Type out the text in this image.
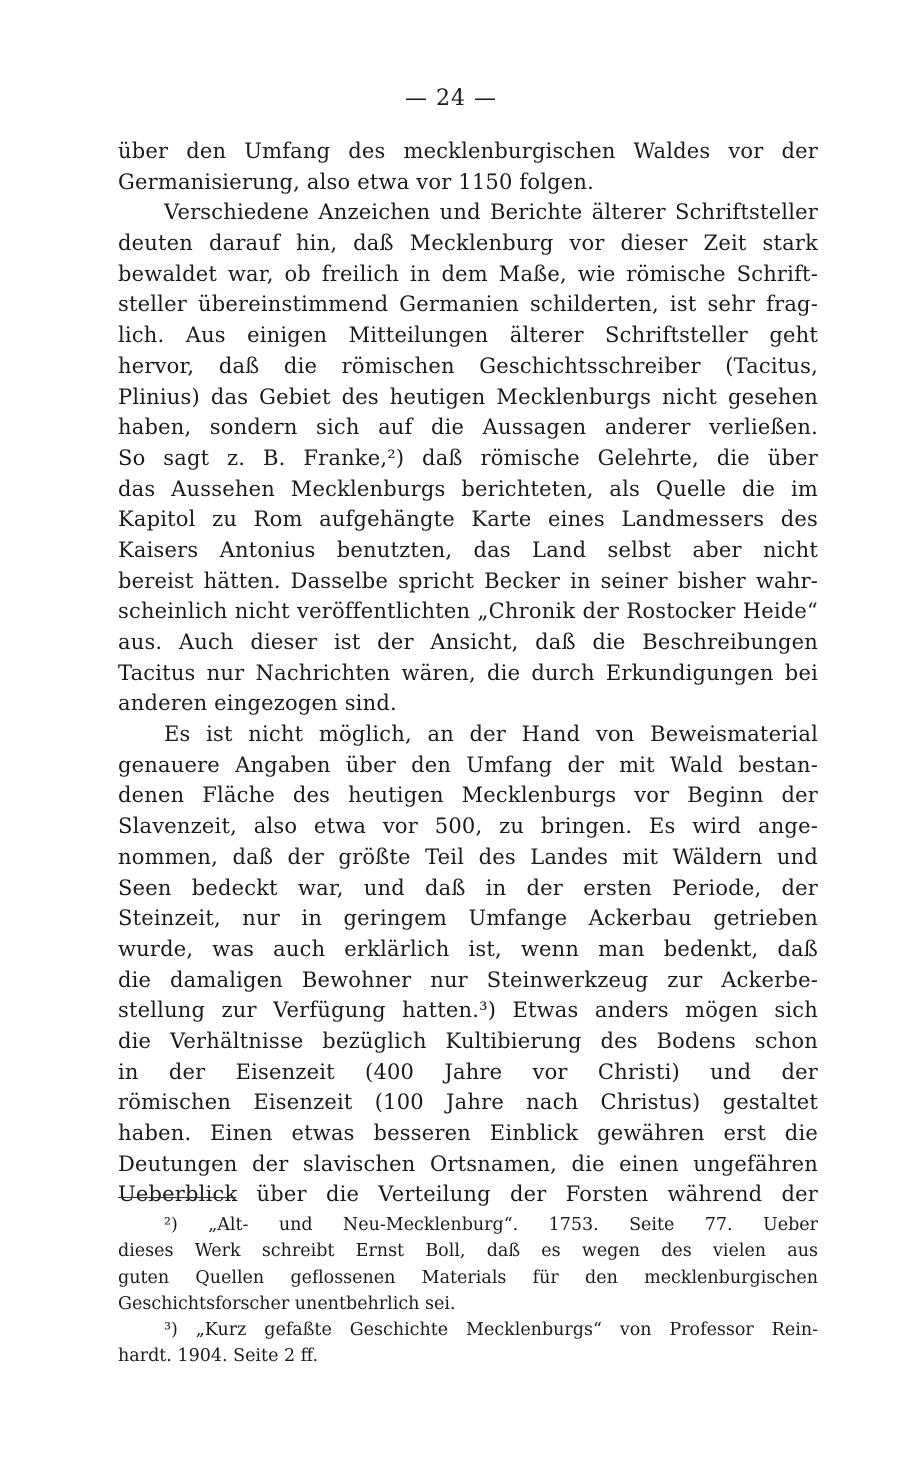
— 24 —
über den Umfang des mecklenburgischen Waldes vor der
Germanisierung, also etwa vor 1150 folgen.
Verschiedene Anzeichen und Berichte älterer Schriftsteller
deuten darauf hin, daß Mecklenburg vor dieser Zeit stark
bewaldet war, ob freilich in dem Maße, wie römische Schrift-
steller übereinstimmend Germanien schilderten, ist sehr frag-
lich. Aus einigen Mitteilungen älterer Schriftsteller geht
hervor, daß die römischen Geschichtsschreiber (Tacitus,
Plinius) das Gebiet des heutigen Mecklenburgs nicht gesehen
haben, sondern sich auf die Aussagen anderer verließen.
So sagt z. B. Franke,²) daß römische Gelehrte, die über
das Aussehen Mecklenburgs berichteten, als Quelle die im
Kapitol zu Rom aufgehängte Karte eines Landmessers des
Kaisers Antonius benutzten, das Land selbst aber nicht
bereist hätten. Dasselbe spricht Becker in seiner bisher wahr-
scheinlich nicht veröffentlichten „Chronik der Rostocker Heide“
aus. Auch dieser ist der Ansicht, daß die Beschreibungen
Tacitus nur Nachrichten wären, die durch Erkundigungen bei
anderen eingezogen sind.
Es ist nicht möglich, an der Hand von Beweismaterial
genauere Angaben über den Umfang der mit Wald bestan-
denen Fläche des heutigen Mecklenburgs vor Beginn der
Slavenzeit, also etwa vor 500, zu bringen. Es wird ange-
nommen, daß der größte Teil des Landes mit Wäldern und
Seen bedeckt war, und daß in der ersten Periode, der
Steinzeit, nur in geringem Umfange Ackerbau getrieben
wurde, was auch erklärlich ist, wenn man bedenkt, daß
die damaligen Bewohner nur Steinwerkzeug zur Ackerbe-
stellung zur Verfügung hatten.³) Etwas anders mögen sich
die Verhältnisse bezüglich Kultibierung des Bodens schon
in der Eisenzeit (400 Jahre vor Christi) und der
römischen Eisenzeit (100 Jahre nach Christus) gestaltet
haben. Einen etwas besseren Einblick gewähren erst die
Deutungen der slavischen Ortsnamen, die einen ungefähren
Ueberblick über die Verteilung der Forsten während der
²) „Alt- und Neu-Mecklenburg“. 1753. Seite 77. Ueber
dieses Werk schreibt Ernst Boll, daß es wegen des vielen aus
guten Quellen geflossenen Materials für den mecklenburgischen
Geschichtsforscher unentbehrlich sei.
³) „Kurz gefaßte Geschichte Mecklenburgs“ von Professor Rein-
hardt. 1904. Seite 2 ff.
